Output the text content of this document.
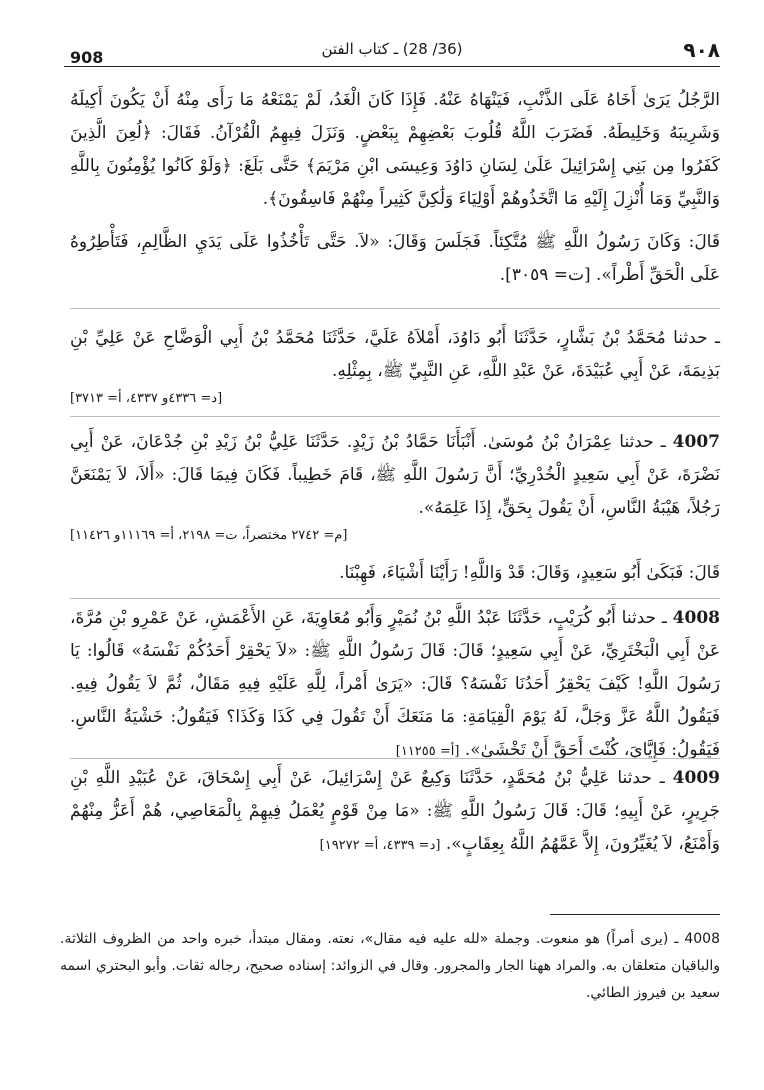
908	(36/ 28) ـ كتاب الفتن	٩٠٨

الرَّجُلُ يَرَىٰ أَخَاهُ عَلَى الذَّنْبِ، فَيَنْهَاهُ عَنْهُ. فَإِذَا كَانَ الْغَدُ، لَمْ يَمْنَعْهُ مَا رَأَى مِنْهُ أَنْ يَكُونَ أَكِيلَهُ وَشَرِيبَهُ وَخَلِيطَهُ. فَضَرَبَ اللَّهُ قُلُوبَ بَعْضِهِمْ بِبَعْضٍ. وَنَزَلَ فِيهِمُ الْقُرْآنُ. فَقَالَ: ﴿لُعِنَ الَّذِينَ كَفَرُوا مِن بَنِي إِسْرَائِيلَ عَلَىٰ لِسَانِ دَاوُدَ وَعِيسَى ابْنِ مَرْيَمَ﴾ حَتَّى بَلَغَ: ﴿وَلَوْ كَانُوا يُؤْمِنُونَ بِاللَّهِ وَالنَّبِيِّ وَمَا أُنْزِلَ إِلَيْهِ مَا اتَّخَذُوهُمْ أَوْلِيَاءَ وَلَٰكِنَّ كَثِيراً مِنْهُمْ فَاسِقُونَ﴾.

قَالَ: وَكَانَ رَسُولُ اللَّهِ ﷺ مُتَّكِئاً. فَجَلَسَ وَقَالَ: «لاَ. حَتَّى تَأْخُذُوا عَلَى يَدَيِ الظَّالِمِ، فَتَأْطِرُوهُ عَلَى الْحَقِّ أَطْراً». [ت= ٣٠٥٩].

ـ حدثنا مُحَمَّدُ بْنُ بَشَّارٍ، حَدَّثَنَا أَبُو دَاوُدَ، أَمْلاَهُ عَلَيَّ، حَدَّثَنَا مُحَمَّدُ بْنُ أَبِي الْوَضَّاحِ عَنْ عَلِيِّ بْنِ بَذِيمَةَ، عَنْ أَبِي عُبَيْدَةَ، عَنْ عَبْدِ اللَّهِ، عَنِ النَّبِيِّ ﷺ، بِمِثْلِهِ.

[د= ٤٣٣٦و ٤٣٣٧، أ= ٣٧١٣]

4007 ـ حدثنا عِمْرَانُ بْنُ مُوسَىٰ. أَنْبَأَنَا حَمَّادُ بْنُ زَيْدٍ. حَدَّثَنَا عَلِيُّ بْنُ زَيْدِ بْنِ جُدْعَانَ، عَنْ أَبِي نَضْرَةَ، عَنْ أَبِي سَعِيدٍ الْخُدْرِيِّ؛ أَنَّ رَسُولَ اللَّهِ ﷺ، قَامَ خَطِيباً. فَكَانَ فِيمَا قَالَ: «أَلاَ، لاَ يَمْنَعَنَّ رَجُلاً، هَيْبَةُ النَّاسِ، أَنْ يَقُولَ بِحَقٍّ، إِذَا عَلِمَهُ».

[م= ٢٧٤٢ مختصراً، ت= ٢١٩٨، أ= ١١١٦٩و ١١٤٢٦]

قَالَ: فَبَكَىٰ أَبُو سَعِيدٍ، وَقَالَ: قَدْ وَاللَّهِ! رَأَيْنَا أَشْيَاءَ، فَهِبْنَا.

4008 ـ حدثنا أَبُو كُرَيْبٍ، حَدَّثَنَا عَبْدُ اللَّهِ بْنُ نُمَيْرٍ وَأَبُو مُعَاوِيَةَ، عَنِ الأَعْمَشِ، عَنْ عَمْرِو بْنِ مُرَّةَ، عَنْ أَبِي الْبَخْتَرِيِّ، عَنْ أَبِي سَعِيدٍ؛ قَالَ: قَالَ رَسُولُ اللَّهِ ﷺ: «لاَ يَحْقِرْ أَحَدُكُمْ نَفْسَهُ» قَالُوا: يَا رَسُولَ اللَّهِ! كَيْفَ يَحْقِرُ أَحَدُنَا نَفْسَهُ؟ قَالَ: «يَرَىٰ أَمْراً، لِلَّهِ عَلَيْهِ فِيهِ مَقَالٌ، ثُمَّ لاَ يَقُولُ فِيهِ. فَيَقُولُ اللَّهُ عَزَّ وَجَلَّ، لَهُ يَوْمَ الْقِيَامَةِ: مَا مَنَعَكَ أَنْ تَقُولَ فِي كَذَا وَكَذَا؟ فَيَقُولُ: خَشْيَةُ النَّاسِ. فَيَقُولُ: فَإِيَّايَ، كُنْتَ أَحَقَّ أَنْ تَخْشَىٰ». [أ= ١١٢٥٥]

4009 ـ حدثنا عَلِيُّ بْنُ مُحَمَّدٍ، حَدَّثَنَا وَكِيعٌ عَنْ إِسْرَائِيلَ، عَنْ أَبِي إِسْحَاقَ، عَنْ عُبَيْدِ اللَّهِ بْنِ جَرِيرٍ، عَنْ أَبِيهِ؛ قَالَ: قَالَ رَسُولُ اللَّهِ ﷺ: «مَا مِنْ قَوْمٍ يُعْمَلُ فِيهِمْ بِالْمَعَاصِي، هُمْ أَعَزُّ مِنْهُمْ وَأَمْنَعُ، لاَ يُغَيِّرُونَ، إِلاَّ عَمَّهُمُ اللَّهُ بِعِقَابٍ». [د= ٤٣٣٩، أ= ١٩٢٧٢]

4008 ـ (يرى أمراً) هو منعوت. وجملة «لله عليه فيه مقال»، نعته. ومقال مبتدأ، خبره واحد من الظروف الثلاثة. والباقيان متعلقان به. والمراد ههنا الجار والمجرور. وقال في الزوائد: إسناده صحيح، رجاله ثقات. وأبو البحتري اسمه سعيد بن فيروز الطائي.
